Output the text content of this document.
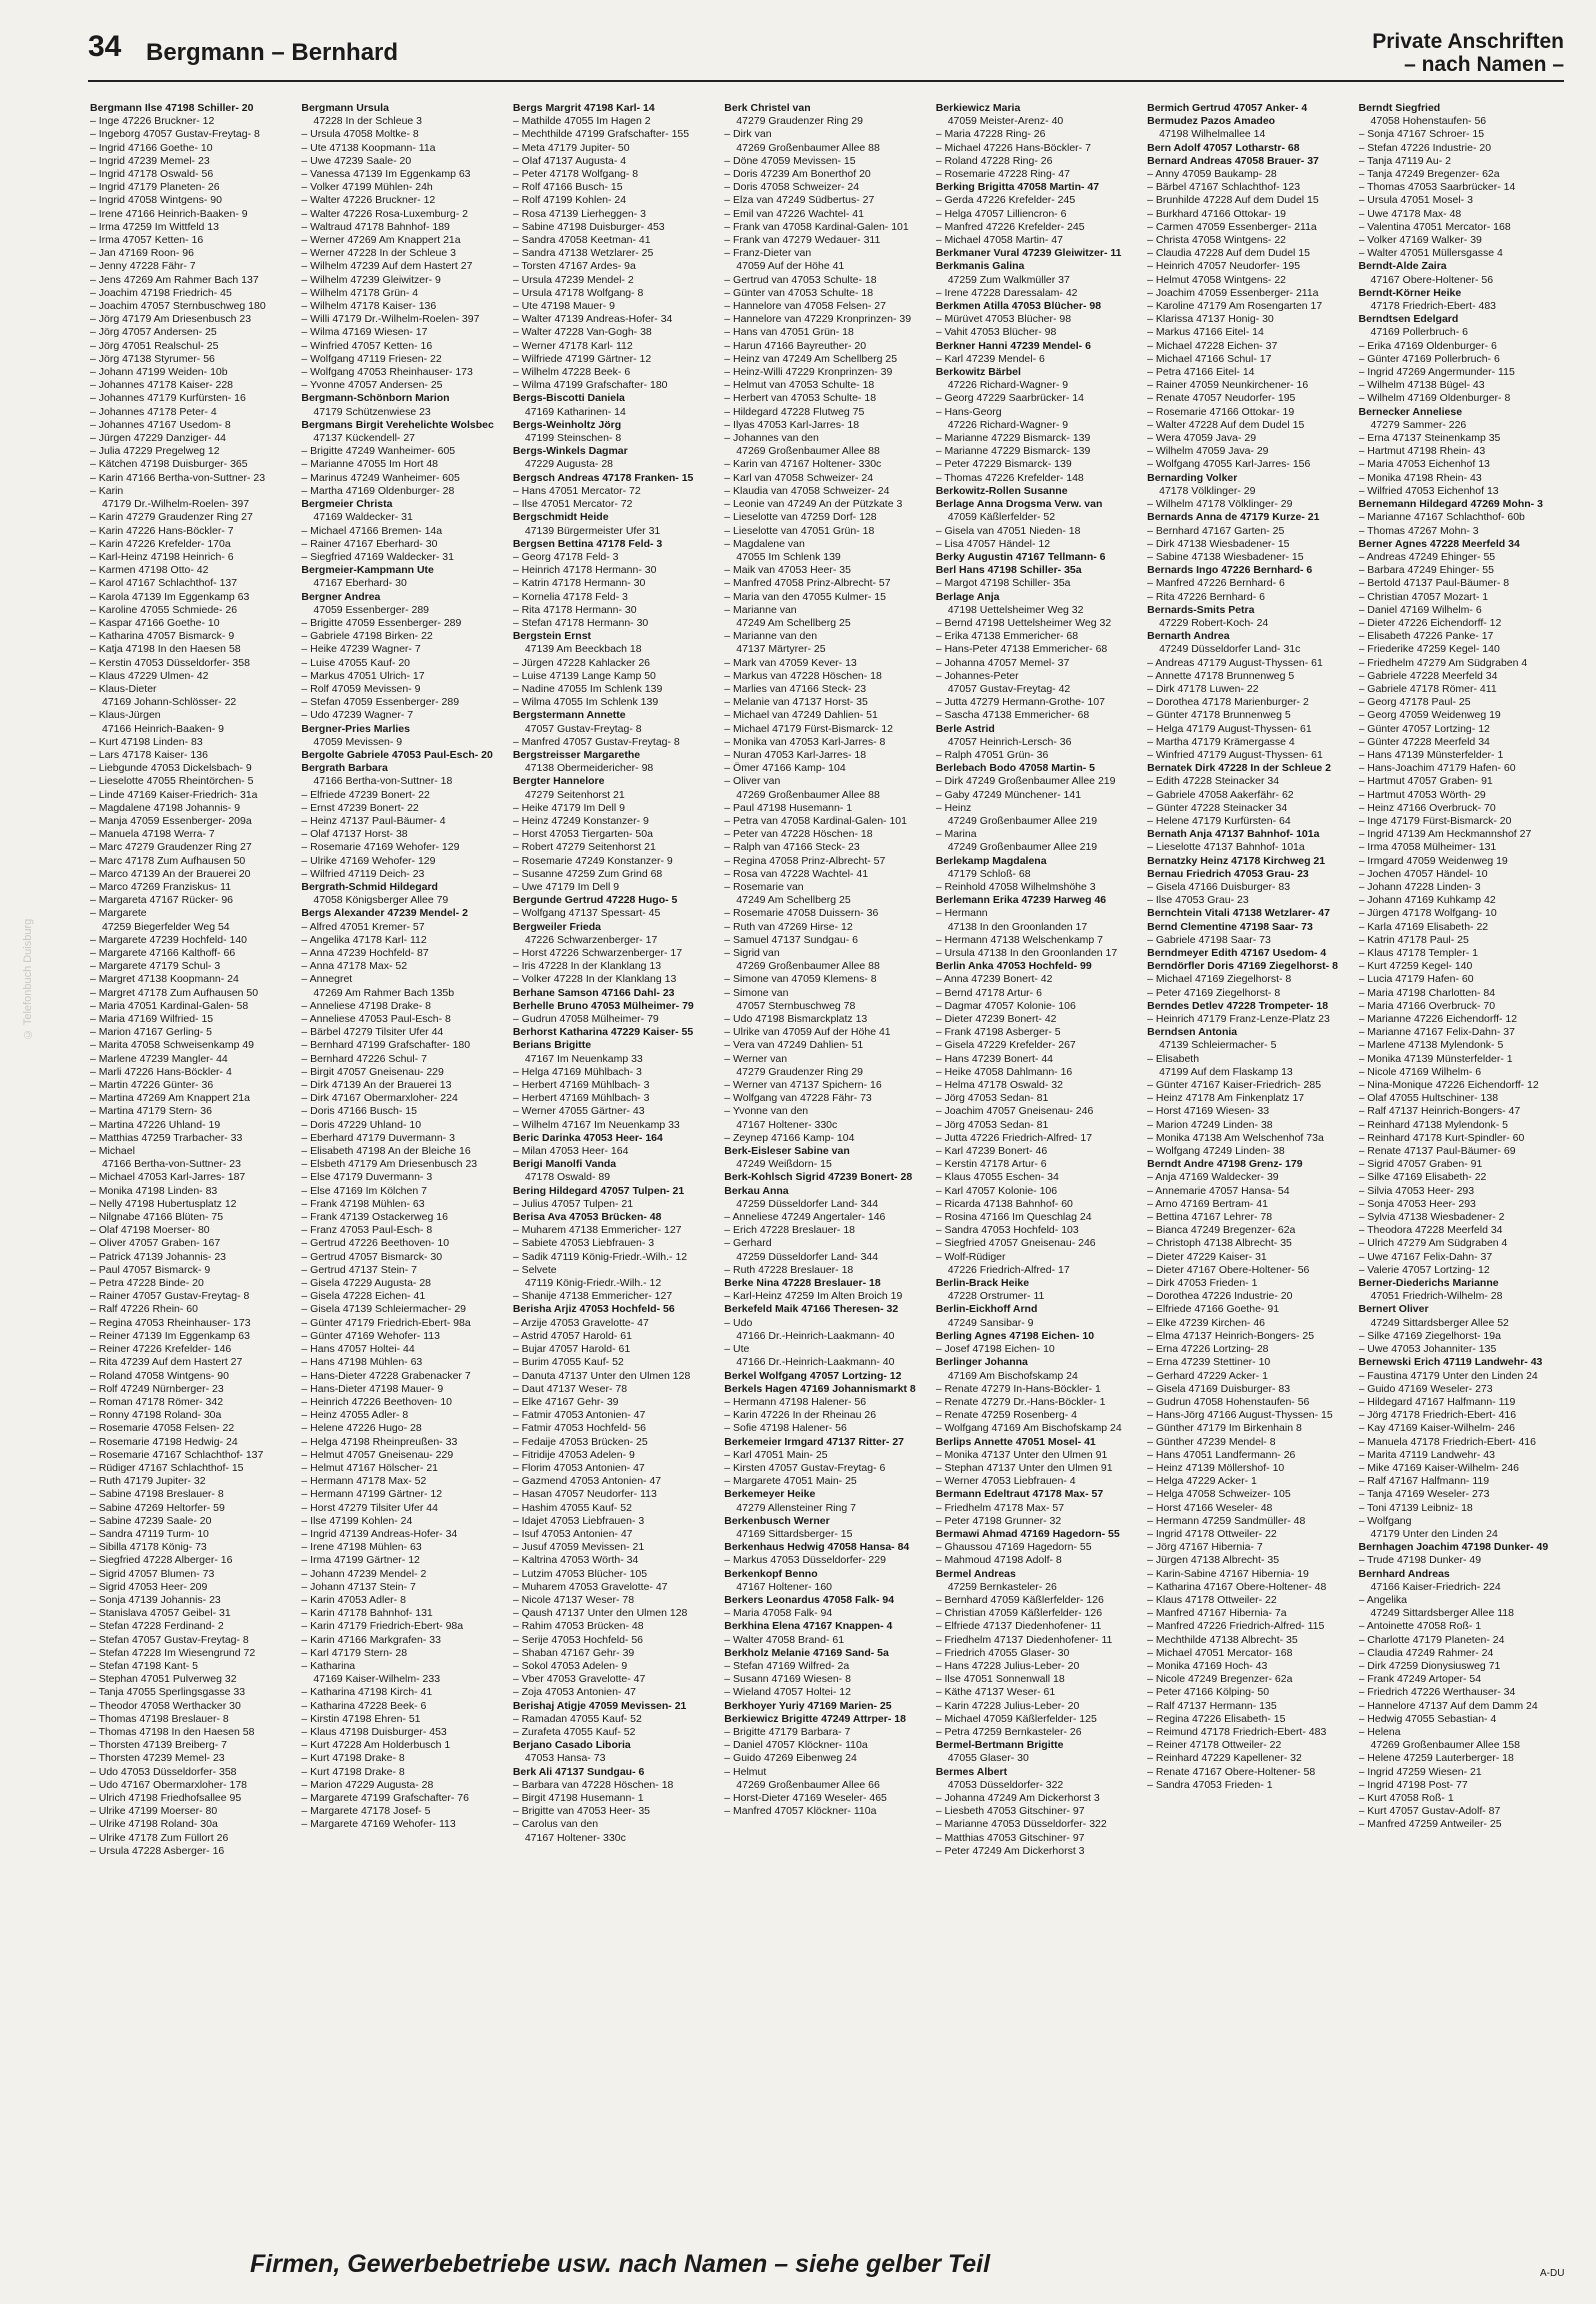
34 Bergmann – Bernhard	Private Anschriften
– nach Namen –
© Telefonbuch Duisburg
Bergmann Ilse 47198 Schiller- 20
– Inge 47226 Bruckner- 12
– Ingeborg 47057 Gustav-Freytag- 8
– Ingrid 47166 Goethe- 10
– Ingrid 47239 Memel- 23
– Ingrid 47178 Oswald- 56
– Ingrid 47179 Planeten- 26
– Ingrid 47058 Wintgens- 90
– Irene 47166 Heinrich-Baaken- 9
– Irma 47259 Im Wittfeld 13
– Irma 47057 Ketten- 16
– Jan 47169 Roon- 96
– Jenny 47228 Fähr- 7
– Jens 47269 Am Rahmer Bach 137
– Joachim 47198 Friedrich- 45
– Joachim 47057 Sternbuschweg 180
– Jörg 47179 Am Driesenbusch 23
– Jörg 47057 Andersen- 25
– Jörg 47051 Realschul- 25
– Jörg 47138 Styrumer- 56
– Johann 47199 Weiden- 10b
– Johannes 47178 Kaiser- 228
– Johannes 47179 Kurfürsten- 16
– Johannes 47178 Peter- 4
– Johannes 47167 Usedom- 8
– Jürgen 47229 Danziger- 44
– Julia 47229 Pregelweg 12
– Kätchen 47198 Duisburger- 365
– Karin 47166 Bertha-von-Suttner- 23
– Karin
47179 Dr.-Wilhelm-Roelen- 397
– Karin 47279 Graudenzer Ring 27
– Karin 47226 Hans-Böckler- 7
– Karin 47226 Krefelder- 170a
– Karl-Heinz 47198 Heinrich- 6
– Karmen 47198 Otto- 42
– Karol 47167 Schlachthof- 137
– Karola 47139 Im Eggenkamp 63
– Karoline 47055 Schmiede- 26
– Kaspar 47166 Goethe- 10
– Katharina 47057 Bismarck- 9
– Katja 47198 In den Haesen 58
– Kerstin 47053 Düsseldorfer- 358
– Klaus 47229 Ulmen- 42
– Klaus-Dieter
47169 Johann-Schlösser- 22
– Klaus-Jürgen
47166 Heinrich-Baaken- 9
– Kurt 47198 Linden- 83
– Lars 47178 Kaiser- 136
– Liebgunde 47053 Dickelsbach- 9
– Lieselotte 47055 Rheintörchen- 5
– Linde 47169 Kaiser-Friedrich- 31a
– Magdalene 47198 Johannis- 9
– Manja 47059 Essenberger- 209a
– Manuela 47198 Werra- 7
– Marc 47279 Graudenzer Ring 27
– Marc 47178 Zum Aufhausen 50
– Marco 47139 An der Brauerei 20
– Marco 47269 Franziskus- 11
– Margareta 47167 Rücker- 96
– Margarete
47259 Biegerfelder Weg 54
– Margarete 47239 Hochfeld- 140
– Margarete 47166 Kalthoff- 66
– Margarete 47179 Schul- 3
– Margret 47138 Koopmann- 24
– Margret 47178 Zum Aufhausen 50
– Maria 47051 Kardinal-Galen- 58
– Maria 47169 Wilfried- 15
– Marion 47167 Gerling- 5
– Marita 47058 Schweisenkamp 49
– Marlene 47239 Mangler- 44
– Marli 47226 Hans-Böckler- 4
– Martin 47226 Günter- 36
– Martina 47269 Am Knappert 21a
– Martina 47179 Stern- 36
– Martina 47226 Uhland- 19
– Matthias 47259 Trarbacher- 33
– Michael
47166 Bertha-von-Suttner- 23
– Michael 47053 Karl-Jarres- 187
– Monika 47198 Linden- 83
– Nelly 47198 Hubertusplatz 12
– Nilgnabe 47166 Blüten- 75
– Olaf 47198 Moerser- 80
– Oliver 47057 Graben- 167
– Patrick 47139 Johannis- 23
– Paul 47057 Bismarck- 9
– Petra 47228 Binde- 20
– Rainer 47057 Gustav-Freytag- 8
– Ralf 47226 Rhein- 60
– Regina 47053 Rheinhauser- 173
– Reiner 47139 Im Eggenkamp 63
– Reiner 47226 Krefelder- 146
– Rita 47239 Auf dem Hastert 27
– Roland 47058 Wintgens- 90
– Rolf 47249 Nürnberger- 23
– Roman 47178 Römer- 342
– Ronny 47198 Roland- 30a
– Rosemarie 47058 Felsen- 22
– Rosemarie 47198 Hedwig- 24
– Rosemarie 47167 Schlachthof- 137
– Rüdiger 47167 Schlachthof- 15
– Ruth 47179 Jupiter- 32
– Sabine 47198 Breslauer- 8
– Sabine 47269 Heltorfer- 59
– Sabine 47239 Saale- 20
– Sandra 47119 Turm- 10
– Sibilla 47178 König- 73
– Siegfried 47228 Alberger- 16
– Sigrid 47057 Blumen- 73
– Sigrid 47053 Heer- 209
– Sonja 47139 Johannis- 23
– Stanislava 47057 Geibel- 31
– Stefan 47228 Ferdinand- 2
– Stefan 47057 Gustav-Freytag- 8
– Stefan 47228 Im Wiesengrund 72
– Stefan 47198 Kant- 5
– Stephan 47051 Pulverweg 32
– Tanja 47055 Sperlingsgasse 33
– Theodor 47058 Werthacker 30
– Thomas 47198 Breslauer- 8
– Thomas 47198 In den Haesen 58
– Thorsten 47139 Breiberg- 7
– Thorsten 47239 Memel- 23
– Udo 47053 Düsseldorfer- 358
– Udo 47167 Obermarxloher- 178
– Ulrich 47198 Friedhofsallee 95
– Ulrike 47199 Moerser- 80
– Ulrike 47198 Roland- 30a
– Ulrike 47178 Zum Füllort 26
– Ursula 47228 Asberger- 16
Bergmann Ursula
47228 In der Schleue 3
– Ursula 47058 Moltke- 8
– Ute 47138 Koopmann- 11a
– Uwe 47239 Saale- 20
– Vanessa 47139 Im Eggenkamp 63
– Volker 47199 Mühlen- 24h
– Walter 47226 Bruckner- 12
– Walter 47226 Rosa-Luxemburg- 2
– Waltraud 47178 Bahnhof- 189
– Werner 47269 Am Knappert 21a
– Werner 47228 In der Schleue 3
– Wilhelm 47239 Auf dem Hastert 27
– Wilhelm 47239 Gleiwitzer- 9
– Wilhelm 47178 Grün- 4
– Wilhelm 47178 Kaiser- 136
– Willi 47179 Dr.-Wilhelm-Roelen- 397
– Wilma 47169 Wiesen- 17
– Winfried 47057 Ketten- 16
– Wolfgang 47119 Friesen- 22
– Wolfgang 47053 Rheinhauser- 173
– Yvonne 47057 Andersen- 25
Bergmann-Schönborn Marion
47179 Schützenwiese 23
Bergmans Birgit Verehelichte Wolsbec
47137 Kückendell- 27
– Brigitte 47249 Wanheimer- 605
– Marianne 47055 Im Hort 48
– Marinus 47249 Wanheimer- 605
– Martha 47169 Oldenburger- 28
Bergmeier Christa
47169 Waldecker- 31
– Michael 47166 Bremen- 14a
– Rainer 47167 Eberhard- 30
– Siegfried 47169 Waldecker- 31
Bergmeier-Kampmann Ute
47167 Eberhard- 30
Bergner Andrea
47059 Essenberger- 289
– Brigitte 47059 Essenberger- 289
– Gabriele 47198 Birken- 22
– Heike 47239 Wagner- 7
– Luise 47055 Kauf- 20
– Markus 47051 Ulrich- 17
– Rolf 47059 Mevissen- 9
– Stefan 47059 Essenberger- 289
– Udo 47239 Wagner- 7
Bergner-Pries Marlies
47059 Mevissen- 9
Bergolte Gabriele 47053 Paul-Esch- 20
Bergrath Barbara
47166 Bertha-von-Suttner- 18
– Elfriede 47239 Bonert- 22
– Ernst 47239 Bonert- 22
– Heinz 47137 Paul-Bäumer- 4
– Olaf 47137 Horst- 38
– Rosemarie 47169 Wehofer- 129
– Ulrike 47169 Wehofer- 129
– Wilfried 47119 Deich- 23
Bergrath-Schmid Hildegard
47058 Königsberger Allee 79
Bergs Alexander 47239 Mendel- 2
– Alfred 47051 Kremer- 57
– Angelika 47178 Karl- 112
– Anna 47239 Hochfeld- 87
– Anna 47178 Max- 52
– Annegret
47269 Am Rahmer Bach 135b
– Anneliese 47198 Drake- 8
– Anneliese 47053 Paul-Esch- 8
– Bärbel 47279 Tilsiter Ufer 44
– Bernhard 47199 Grafschafter- 180
– Bernhard 47226 Schul- 7
– Birgit 47057 Gneisenau- 229
– Dirk 47139 An der Brauerei 13
– Dirk 47167 Obermarxloher- 224
– Doris 47166 Busch- 15
– Doris 47229 Uhland- 10
– Eberhard 47179 Duvermann- 3
– Elisabeth 47198 An der Bleiche 16
– Elsbeth 47179 Am Driesenbusch 23
– Else 47179 Duvermann- 3
– Else 47169 Im Kölchen 7
– Frank 47198 Mühlen- 63
– Frank 47139 Ostackerweg 16
– Franz 47053 Paul-Esch- 8
– Gertrud 47226 Beethoven- 10
– Gertrud 47057 Bismarck- 30
– Gertrud 47137 Stein- 7
– Gisela 47229 Augusta- 28
– Gisela 47228 Eichen- 41
– Gisela 47139 Schleiermacher- 29
– Günter 47179 Friedrich-Ebert- 98a
– Günter 47169 Wehofer- 113
– Hans 47057 Holtei- 44
– Hans 47198 Mühlen- 63
– Hans-Dieter 47228 Grabenacker 7
– Hans-Dieter 47198 Mauer- 9
– Heinrich 47226 Beethoven- 10
– Heinz 47055 Adler- 8
– Helene 47226 Hugo- 28
– Helga 47198 Rheinpreußen- 33
– Helmut 47057 Gneisenau- 229
– Helmut 47167 Hölscher- 21
– Hermann 47178 Max- 52
– Hermann 47199 Gärtner- 12
– Horst 47279 Tilsiter Ufer 44
– Ilse 47199 Kohlen- 24
– Ingrid 47139 Andreas-Hofer- 34
– Irene 47198 Mühlen- 63
– Irma 47199 Gärtner- 12
– Johann 47239 Mendel- 2
– Johann 47137 Stein- 7
– Karin 47053 Adler- 8
– Karin 47178 Bahnhof- 131
– Karin 47179 Friedrich-Ebert- 98a
– Karin 47166 Markgrafen- 33
– Karl 47179 Stern- 28
– Katharina
47169 Kaiser-Wilhelm- 233
– Katharina 47198 Kirch- 41
– Katharina 47228 Beek- 6
– Kirstin 47198 Ehren- 51
– Klaus 47198 Duisburger- 453
– Kurt 47228 Am Holderbusch 1
– Kurt 47198 Drake- 8
– Kurt 47198 Drake- 8
– Marion 47229 Augusta- 28
– Margarete 47199 Grafschafter- 76
– Margarete 47178 Josef- 5
– Margarete 47169 Wehofer- 113
Bergs Margrit 47198 Karl- 14
– Mathilde 47055 Im Hagen 2
– Mechthilde 47199 Grafschafter- 155
– Meta 47179 Jupiter- 50
– Olaf 47137 Augusta- 4
– Peter 47178 Wolfgang- 8
– Rolf 47166 Busch- 15
– Rolf 47199 Kohlen- 24
– Rosa 47139 Lierheggen- 3
– Sabine 47198 Duisburger- 453
– Sandra 47058 Keetman- 41
– Sandra 47138 Wetzlarer- 25
– Torsten 47167 Ardes- 9a
– Ursula 47239 Mendel- 2
– Ursula 47178 Wolfgang- 8
– Ute 47198 Mauer- 9
– Walter 47139 Andreas-Hofer- 34
– Walter 47228 Van-Gogh- 38
– Werner 47178 Karl- 112
– Wilfriede 47199 Gärtner- 12
– Wilhelm 47228 Beek- 6
– Wilma 47199 Grafschafter- 180
Bergs-Biscotti Daniela
47169 Katharinen- 14
Bergs-Weinholtz Jörg
47199 Steinschen- 8
Bergs-Winkels Dagmar
47229 Augusta- 28
Bergsch Andreas 47178 Franken- 15
– Hans 47051 Mercator- 72
– Ilse 47051 Mercator- 72
Bergschmidt Heide
47139 Bürgermeister Ufer 31
Bergsen Bettina 47178 Feld- 3
– Georg 47178 Feld- 3
– Heinrich 47178 Hermann- 30
– Katrin 47178 Hermann- 30
– Kornelia 47178 Feld- 3
– Rita 47178 Hermann- 30
– Stefan 47178 Hermann- 30
Bergstein Ernst
47139 Am Beeckbach 18
– Jürgen 47228 Kahlacker 26
– Luise 47139 Lange Kamp 50
– Nadine 47055 Im Schlenk 139
– Wilma 47055 Im Schlenk 139
Bergstermann Annette
47057 Gustav-Freytag- 8
– Manfred 47057 Gustav-Freytag- 8
Bergstreisser Margarethe
47138 Obermeidericher- 98
Bergter Hannelore
47279 Seitenhorst 21
– Heike 47179 Im Dell 9
– Heinz 47249 Konstanzer- 9
– Horst 47053 Tiergarten- 50a
– Robert 47279 Seitenhorst 21
– Rosemarie 47249 Konstanzer- 9
– Susanne 47259 Zum Grind 68
– Uwe 47179 Im Dell 9
Bergunde Gertrud 47228 Hugo- 5
– Wolfgang 47137 Spessart- 45
Bergweiler Frieda
47226 Schwarzenberger- 17
– Horst 47226 Schwarzenberger- 17
– Iris 47228 In der Klanklang 13
– Volker 47228 In der Klanklang 13
Berhane Samson 47166 Dahl- 23
Berhelle Bruno 47053 Mülheimer- 79
– Gudrun 47058 Mülheimer- 79
Berhorst Katharina 47229 Kaiser- 55
Berians Brigitte
47167 Im Neuenkamp 33
– Helga 47169 Mühlbach- 3
– Herbert 47169 Mühlbach- 3
– Herbert 47169 Mühlbach- 3
– Werner 47055 Gärtner- 43
– Wilhelm 47167 Im Neuenkamp 33
Beric Darinka 47053 Heer- 164
– Milan 47053 Heer- 164
Berigi Manolfi Vanda
47178 Oswald- 89
Bering Hildegard 47057 Tulpen- 21
– Julius 47057 Tulpen- 21
Berisa Ava 47053 Brücken- 48
– Muharem 47138 Emmericher- 127
– Sabiete 47053 Liebfrauen- 3
– Sadik 47119 König-Friedr.-Wilh.- 12
– Selvete
47119 König-Friedr.-Wilh.- 12
– Shanije 47138 Emmericher- 127
Berisha Arjiz 47053 Hochfeld- 56
– Arzije 47053 Gravelotte- 47
– Astrid 47057 Harold- 61
– Bujar 47057 Harold- 61
– Burim 47055 Kauf- 52
– Danuta 47137 Unter den Ulmen 128
– Daut 47137 Weser- 78
– Elke 47167 Gehr- 39
– Fatmir 47053 Antonien- 47
– Fatmir 47053 Hochfeld- 56
– Fedaije 47053 Brücken- 25
– Fitridije 47053 Adelen- 9
– Florim 47053 Antonien- 47
– Gazmend 47053 Antonien- 47
– Hasan 47057 Neudorfer- 113
– Hashim 47055 Kauf- 52
– Idajet 47053 Liebfrauen- 3
– Isuf 47053 Antonien- 47
– Jusuf 47059 Mevissen- 21
– Kaltrina 47053 Wörth- 34
– Lutzim 47053 Blücher- 105
– Muharem 47053 Gravelotte- 47
– Nicole 47137 Weser- 78
– Qaush 47137 Unter den Ulmen 128
– Rahim 47053 Brücken- 48
– Serije 47053 Hochfeld- 56
– Shaban 47167 Gehr- 39
– Sokol 47053 Adelen- 9
– Vber 47053 Gravelotte- 47
– Zoja 47053 Antonien- 47
Berishaj Atigje 47059 Mevissen- 21
– Ramadan 47055 Kauf- 52
– Zurafeta 47055 Kauf- 52
Berjano Casado Liboria
47053 Hansa- 73
Berk Ali 47137 Sundgau- 6
– Barbara van 47228 Höschen- 18
– Birgit 47198 Husemann- 1
– Brigitte van 47053 Heer- 35
– Carolus van den
47167 Holtener- 330c
Berk Christel van
47279 Graudenzer Ring 29
– Dirk van
47269 Großenbaumer Allee 88
– Döne 47059 Mevissen- 15
– Doris 47239 Am Bonerthof 20
– Doris 47058 Schweizer- 24
– Elza van 47249 Südbertus- 27
– Emil van 47226 Wachtel- 41
– Frank van 47058 Kardinal-Galen- 101
– Frank van 47279 Wedauer- 311
– Franz-Dieter van
47059 Auf der Höhe 41
– Gertrud van 47053 Schulte- 18
– Günter van 47053 Schulte- 18
– Hannelore van 47058 Felsen- 27
– Hannelore van 47229 Kronprinzen- 39
– Hans van 47051 Grün- 18
– Harun 47166 Bayreuther- 20
– Heinz van 47249 Am Schellberg 25
– Heinz-Willi 47229 Kronprinzen- 39
– Helmut van 47053 Schulte- 18
– Herbert van 47053 Schulte- 18
– Hildegard 47228 Flutweg 75
– Ilyas 47053 Karl-Jarres- 18
– Johannes van den
47269 Großenbaumer Allee 88
– Karin van 47167 Holtener- 330c
– Karl van 47058 Schweizer- 24
– Klaudia van 47058 Schweizer- 24
– Leonie van 47249 An der Pützkate 3
– Lieselotte van 47259 Dorf- 128
– Lieselotte van 47051 Grün- 18
– Magdalene van
47055 Im Schlenk 139
– Maik van 47053 Heer- 35
– Manfred 47058 Prinz-Albrecht- 57
– Maria van den 47055 Kulmer- 15
– Marianne van
47249 Am Schellberg 25
– Marianne van den
47137 Märtyrer- 25
– Mark van 47059 Kever- 13
– Markus van 47228 Höschen- 18
– Marlies van 47166 Steck- 23
– Melanie van 47137 Horst- 35
– Michael van 47249 Dahlien- 51
– Michael 47179 Fürst-Bismarck- 12
– Monika van 47053 Karl-Jarres- 8
– Nuran 47053 Karl-Jarres- 18
– Ömer 47166 Kamp- 104
– Oliver van
47269 Großenbaumer Allee 88
– Paul 47198 Husemann- 1
– Petra van 47058 Kardinal-Galen- 101
– Peter van 47228 Höschen- 18
– Ralph van 47166 Steck- 23
– Regina 47058 Prinz-Albrecht- 57
– Rosa van 47228 Wachtel- 41
– Rosemarie van
47249 Am Schellberg 25
– Rosemarie 47058 Duissern- 36
– Ruth van 47269 Hirse- 12
– Samuel 47137 Sundgau- 6
– Sigrid van
47269 Großenbaumer Allee 88
– Simone van 47059 Klemens- 8
– Simone van
47057 Sternbuschweg 78
– Udo 47198 Bismarckplatz 13
– Ulrike van 47059 Auf der Höhe 41
– Vera van 47249 Dahlien- 51
– Werner van
47279 Graudenzer Ring 29
– Werner van 47137 Spichern- 16
– Wolfgang van 47228 Fähr- 73
– Yvonne van den
47167 Holtener- 330c
– Zeynep 47166 Kamp- 104
Berk-Eisleser Sabine van
47249 Weißdorn- 15
Berk-Kohlsch Sigrid 47239 Bonert- 28
Berkau Anna
47259 Düsseldorfer Land- 344
– Anneliese 47249 Angertaler- 146
– Erich 47228 Breslauer- 18
– Gerhard
47259 Düsseldorfer Land- 344
– Ruth 47228 Breslauer- 18
Berke Nina 47228 Breslauer- 18
– Karl-Heinz 47259 Im Alten Broich 19
Berkefeld Maik 47166 Theresen- 32
– Udo
47166 Dr.-Heinrich-Laakmann- 40
– Ute
47166 Dr.-Heinrich-Laakmann- 40
Berkel Wolfgang 47057 Lortzing- 12
Berkels Hagen 47169 Johannismarkt 8
– Hermann 47198 Halener- 56
– Karin 47226 In der Rheinau 26
– Sofie 47198 Halener- 56
Berkemeier Irmgard 47137 Ritter- 27
– Karl 47051 Main- 25
– Kirsten 47057 Gustav-Freytag- 6
– Margarete 47051 Main- 25
Berkemeyer Heike
47279 Allensteiner Ring 7
Berkenbusch Werner
47169 Sittardsberger- 15
Berkenhaus Hedwig 47058 Hansa- 84
– Markus 47053 Düsseldorfer- 229
Berkenkopf Benno
47167 Holtener- 160
Berkers Leonardus 47058 Falk- 94
– Maria 47058 Falk- 94
Berkhina Elena 47167 Knappen- 4
– Walter 47058 Brand- 61
Berkholz Melanie 47169 Sand- 5a
– Stefan 47169 Wilfred- 2a
– Susann 47169 Wiesen- 8
– Wieland 47057 Holtei- 12
Berkhoyer Yuriy 47169 Marien- 25
Berkiewicz Brigitte 47249 Attrper- 18
– Brigitte 47179 Barbara- 7
– Daniel 47057 Klöckner- 110a
– Guido 47269 Eibenweg 24
– Helmut
47269 Großenbaumer Allee 66
– Horst-Dieter 47169 Weseler- 465
– Manfred 47057 Klöckner- 110a
Berkiewicz Maria
47059 Meister-Arenz- 40
– Maria 47228 Ring- 26
– Michael 47226 Hans-Böckler- 7
– Roland 47228 Ring- 26
– Rosemarie 47228 Ring- 47
Berking Brigitta 47058 Martin- 47
– Gerda 47226 Krefelder- 245
– Helga 47057 Lilliencron- 6
– Manfred 47226 Krefelder- 245
– Michael 47058 Martin- 47
Berkmaner Vural 47239 Gleiwitzer- 11
Berkmanis Galina
47259 Zum Walkmüller 37
– Irene 47228 Daressalam- 42
Berkmen Atilla 47053 Blücher- 98
– Mürüvet 47053 Blücher- 98
– Vahit 47053 Blücher- 98
Berkner Hanni 47239 Mendel- 6
– Karl 47239 Mendel- 6
Berkowitz Bärbel
47226 Richard-Wagner- 9
– Georg 47229 Saarbrücker- 14
– Hans-Georg
47226 Richard-Wagner- 9
– Marianne 47229 Bismarck- 139
– Marianne 47229 Bismarck- 139
– Peter 47229 Bismarck- 139
– Thomas 47226 Krefelder- 148
Berkowitz-Rollen Susanne
Berlage Anna Drogsma Verw. van
47059 Käßlerfelder- 52
– Gisela van 47051 Nieden- 18
– Lisa 47057 Händel- 12
Berky Augustin 47167 Tellmann- 6
Berl Hans 47198 Schiller- 35a
– Margot 47198 Schiller- 35a
Berlage Anja
47198 Uettelsheimer Weg 32
– Bernd 47198 Uettelsheimer Weg 32
– Erika 47138 Emmericher- 68
– Hans-Peter 47138 Emmericher- 68
– Johanna 47057 Memel- 37
– Johannes-Peter
47057 Gustav-Freytag- 42
– Jutta 47279 Hermann-Grothe- 107
– Sascha 47138 Emmericher- 68
Berle Astrid
47057 Heinrich-Lersch- 36
– Ralph 47051 Grün- 36
Berlebach Bodo 47058 Martin- 5
– Dirk 47249 Großenbaumer Allee 219
– Gaby 47249 Münchener- 141
– Heinz
47249 Großenbaumer Allee 219
– Marina
47249 Großenbaumer Allee 219
Berlekamp Magdalena
47179 Schloß- 68
– Reinhold 47058 Wilhelmshöhe 3
Berlemann Erika 47239 Harweg 46
– Hermann
47138 In den Groonlanden 17
– Hermann 47138 Welschenkamp 7
– Ursula 47138 In den Groonlanden 17
Berlin Anka 47053 Hochfeld- 99
– Anna 47239 Bonert- 42
– Bernd 47178 Artur- 6
– Dagmar 47057 Kolonie- 106
– Dieter 47239 Bonert- 42
– Frank 47198 Asberger- 5
– Gisela 47229 Krefelder- 267
– Hans 47239 Bonert- 44
– Heike 47058 Dahlmann- 16
– Helma 47178 Oswald- 32
– Jörg 47053 Sedan- 81
– Joachim 47057 Gneisenau- 246
– Jörg 47053 Sedan- 81
– Jutta 47226 Friedrich-Alfred- 17
– Karl 47239 Bonert- 46
– Kerstin 47178 Artur- 6
– Klaus 47055 Eschen- 34
– Karl 47057 Kolonie- 106
– Ricarda 47138 Bahnhof- 60
– Rosina 47166 Im Queschlag 24
– Sandra 47053 Hochfeld- 103
– Siegfried 47057 Gneisenau- 246
– Wolf-Rüdiger
47226 Friedrich-Alfred- 17
Berlin-Brack Heike
47228 Orstrumer- 11
Berlin-Eickhoff Arnd
47249 Sansibar- 9
Berling Agnes 47198 Eichen- 10
– Josef 47198 Eichen- 10
Berlinger Johanna
47169 Am Bischofskamp 24
– Renate 47279 In-Hans-Böckler- 1
– Renate 47279 Dr.-Hans-Böckler- 1
– Renate 47259 Rosenberg- 4
– Wolfgang 47169 Am Bischofskamp 24
Berlips Annette 47051 Mosel- 41
– Monika 47137 Unter den Ulmen 91
– Stephan 47137 Unter den Ulmen 91
– Werner 47053 Liebfrauen- 4
Bermann Edeltraut 47178 Max- 57
– Friedhelm 47178 Max- 57
– Peter 47198 Grunner- 32
Bermawi Ahmad 47169 Hagedorn- 55
– Ghaussou 47169 Hagedorn- 55
– Mahmoud 47198 Adolf- 8
Bermel Andreas
47259 Bernkasteler- 26
– Bernhard 47059 Käßlerfelder- 126
– Christian 47059 Käßlerfelder- 126
– Elfriede 47137 Diedenhofener- 11
– Friedhelm 47137 Diedenhofener- 11
– Friedrich 47055 Glaser- 30
– Hans 47228 Julius-Leber- 20
– Ilse 47051 Sonnenwall 18
– Käthe 47137 Weser- 61
– Karin 47228 Julius-Leber- 20
– Michael 47059 Käßlerfelder- 125
– Petra 47259 Bernkasteler- 26
Bermel-Bertmann Brigitte
47055 Glaser- 30
Bermes Albert
47053 Düsseldorfer- 322
– Johanna 47249 Am Dickerhorst 3
– Liesbeth 47053 Gitschiner- 97
– Marianne 47053 Düsseldorfer- 322
– Matthias 47053 Gitschiner- 97
– Peter 47249 Am Dickerhorst 3
Bermich Gertrud 47057 Anker- 4
Bermudez Pazos Amadeo
47198 Wilhelmallee 14
Bern Adolf 47057 Lotharstr- 68
Bernard Andreas 47058 Brauer- 37
– Anny 47059 Baukamp- 28
– Bärbel 47167 Schlachthof- 123
– Brunhilde 47228 Auf dem Dudel 15
– Burkhard 47166 Ottokar- 19
– Carmen 47059 Essenberger- 211a
– Christa 47058 Wintgens- 22
– Claudia 47228 Auf dem Dudel 15
– Heinrich 47057 Neudorfer- 195
– Helmut 47058 Wintgens- 22
– Joachim 47059 Essenberger- 211a
– Karoline 47179 Am Rosengarten 17
– Klarissa 47137 Honig- 30
– Markus 47166 Eitel- 14
– Michael 47228 Eichen- 37
– Michael 47166 Schul- 17
– Petra 47166 Eitel- 14
– Rainer 47059 Neunkirchener- 16
– Renate 47057 Neudorfer- 195
– Rosemarie 47166 Ottokar- 19
– Walter 47228 Auf dem Dudel 15
– Wera 47059 Java- 29
– Wilhelm 47059 Java- 29
– Wolfgang 47055 Karl-Jarres- 156
Bernarding Volker
47178 Völklinger- 29
– Wilhelm 47178 Völklinger- 29
Bernards Anna de 47179 Kurze- 21
– Bernhard 47167 Garten- 25
– Dirk 47138 Wiesbadener- 15
– Sabine 47138 Wiesbadener- 15
Bernards Ingo 47226 Bernhard- 6
– Manfred 47226 Bernhard- 6
– Rita 47226 Bernhard- 6
Bernards-Smits Petra
47229 Robert-Koch- 24
Bernarth Andrea
47249 Düsseldorfer Land- 31c
– Andreas 47179 August-Thyssen- 61
– Annette 47178 Brunnenweg 5
– Dirk 47178 Luwen- 22
– Dorothea 47178 Marienburger- 2
– Günter 47178 Brunnenweg 5
– Helga 47179 August-Thyssen- 61
– Martha 47179 Krämergasse 4
– Winfried 47179 August-Thyssen- 61
Bernatek Dirk 47228 In der Schleue 2
– Edith 47228 Steinacker 34
– Gabriele 47058 Aakerfähr- 62
– Günter 47228 Steinacker 34
– Helene 47179 Kurfürsten- 64
Bernath Anja 47137 Bahnhof- 101a
– Lieselotte 47137 Bahnhof- 101a
Bernatzky Heinz 47178 Kirchweg 21
Bernau Friedrich 47053 Grau- 23
– Gisela 47166 Duisburger- 83
– Ilse 47053 Grau- 23
Bernchtein Vitali 47138 Wetzlarer- 47
Bernd Clementine 47198 Saar- 73
– Gabriele 47198 Saar- 73
Berndmeyer Edith 47167 Usedom- 4
Berndörfler Doris 47169 Ziegelhorst- 8
– Michael 47169 Ziegelhorst- 8
– Peter 47169 Ziegelhorst- 8
Berndes Detlev 47228 Trompeter- 18
– Heinrich 47179 Franz-Lenze-Platz 23
Berndsen Antonia
47139 Schleiermacher- 5
– Elisabeth
47199 Auf dem Flaskamp 13
– Günter 47167 Kaiser-Friedrich- 285
– Heinz 47178 Am Finkenplatz 17
– Horst 47169 Wiesen- 33
– Marion 47249 Linden- 38
– Monika 47138 Am Welschenhof 73a
– Wolfgang 47249 Linden- 38
Berndt Andre 47198 Grenz- 179
– Anja 47169 Waldecker- 39
– Annemarie 47057 Hansa- 54
– Arno 47169 Bertram- 41
– Bettina 47167 Lehrer- 78
– Bianca 47249 Bregenzer- 62a
– Christoph 47138 Albrecht- 35
– Dieter 47229 Kaiser- 31
– Dieter 47167 Obere-Holtener- 56
– Dirk 47053 Frieden- 1
– Dorothea 47226 Industrie- 20
– Elfriede 47166 Goethe- 91
– Elke 47239 Kirchen- 46
– Elma 47137 Heinrich-Bongers- 25
– Erna 47226 Lortzing- 28
– Erna 47239 Stettiner- 10
– Gerhard 47229 Acker- 1
– Gisela 47169 Duisburger- 83
– Gudrun 47058 Hohenstaufen- 56
– Hans-Jörg 47166 August-Thyssen- 15
– Günther 47179 Im Birkenhain 8
– Günther 47239 Mendel- 8
– Hans 47051 Landfermann- 26
– Heinz 47139 Möllershof- 10
– Helga 47229 Acker- 1
– Helga 47058 Schweizer- 105
– Horst 47166 Weseler- 48
– Hermann 47259 Sandmüller- 48
– Ingrid 47178 Ottweiler- 22
– Jörg 47167 Hibernia- 7
– Jürgen 47138 Albrecht- 35
– Karin-Sabine 47167 Hibernia- 19
– Katharina 47167 Obere-Holtener- 48
– Klaus 47178 Ottweiler- 22
– Manfred 47167 Hibernia- 7a
– Manfred 47226 Friedrich-Alfred- 115
– Mechthilde 47138 Albrecht- 35
– Michael 47051 Mercator- 168
– Monika 47169 Hoch- 43
– Nicole 47249 Bregenzer- 62a
– Peter 47166 Kölping- 50
– Ralf 47137 Hermann- 135
– Regina 47226 Elisabeth- 15
– Reimund 47178 Friedrich-Ebert- 483
– Reiner 47178 Ottweiler- 22
– Reinhard 47229 Kapellener- 32
– Renate 47167 Obere-Holtener- 58
– Sandra 47053 Frieden- 1
Berndt Siegfried
47058 Hohenstaufen- 56
– Sonja 47167 Schroer- 15
– Stefan 47226 Industrie- 20
– Tanja 47119 Au- 2
– Tanja 47249 Bregenzer- 62a
– Thomas 47053 Saarbrücker- 14
– Ursula 47051 Mosel- 3
– Uwe 47178 Max- 48
– Valentina 47051 Mercator- 168
– Volker 47169 Walker- 39
– Walter 47051 Müllersgasse 4
Berndt-Alde Zaira
47167 Obere-Holtener- 56
Berndt-Körner Heike
47178 Friedrich-Ebert- 483
Berndtsen Edelgard
47169 Pollerbruch- 6
– Erika 47169 Oldenburger- 6
– Günter 47169 Pollerbruch- 6
– Ingrid 47269 Angermunder- 115
– Wilhelm 47138 Bügel- 43
– Wilhelm 47169 Oldenburger- 8
Bernecker Anneliese
47279 Sammer- 226
– Erna 47137 Steinenkamp 35
– Hartmut 47198 Rhein- 43
– Maria 47053 Eichenhof 13
– Monika 47198 Rhein- 43
– Wilfried 47053 Eichenhof 13
Bernemann Hildegard 47269 Mohn- 3
– Marianne 47167 Schlachthof- 60b
– Thomas 47267 Mohn- 3
Berner Agnes 47228 Meerfeld 34
– Andreas 47249 Ehinger- 55
– Barbara 47249 Ehinger- 55
– Bertold 47137 Paul-Bäumer- 8
– Christian 47057 Mozart- 1
– Daniel 47169 Wilhelm- 6
– Dieter 47226 Eichendorff- 12
– Elisabeth 47226 Panke- 17
– Friederike 47259 Kegel- 140
– Friedhelm 47279 Am Südgraben 4
– Gabriele 47228 Meerfeld 34
– Gabriele 47178 Römer- 411
– Georg 47178 Paul- 25
– Georg 47059 Weidenweg 19
– Günter 47057 Lortzing- 12
– Günter 47228 Meerfeld 34
– Hans 47139 Münsterfelder- 1
– Hans-Joachim 47179 Hafen- 60
– Hartmut 47057 Graben- 91
– Hartmut 47053 Wörth- 29
– Heinz 47166 Overbruck- 70
– Inge 47179 Fürst-Bismarck- 20
– Ingrid 47139 Am Heckmannshof 27
– Irma 47058 Mülheimer- 131
– Irmgard 47059 Weidenweg 19
– Jochen 47057 Händel- 10
– Johann 47228 Linden- 3
– Johann 47169 Kuhkamp 42
– Jürgen 47178 Wolfgang- 10
– Karla 47169 Elisabeth- 22
– Katrin 47178 Paul- 25
– Klaus 47178 Templer- 1
– Kurt 47259 Kegel- 140
– Lucia 47179 Hafen- 60
– Maria 47198 Charlotten- 84
– Maria 47166 Overbruck- 70
– Marianne 47226 Eichendorff- 12
– Marianne 47167 Felix-Dahn- 37
– Marlene 47138 Mylendonk- 5
– Monika 47139 Münsterfelder- 1
– Nicole 47169 Wilhelm- 6
– Nina-Monique 47226 Eichendorff- 12
– Olaf 47055 Hultschiner- 138
– Ralf 47137 Heinrich-Bongers- 47
– Reinhard 47138 Mylendonk- 5
– Reinhard 47178 Kurt-Spindler- 60
– Renate 47137 Paul-Bäumer- 69
– Sigrid 47057 Graben- 91
– Silke 47169 Elisabeth- 22
– Silvia 47053 Heer- 293
– Sonja 47053 Heer- 293
– Sylvia 47138 Wiesbadener- 2
– Theodora 47228 Meerfeld 34
– Ulrich 47279 Am Südgraben 4
– Uwe 47167 Felix-Dahn- 37
– Valerie 47057 Lortzing- 12
Berner-Diederichs Marianne
47051 Friedrich-Wilhelm- 28
Bernert Oliver
47249 Sittardsberger Allee 52
– Silke 47169 Ziegelhorst- 19a
– Uwe 47053 Johanniter- 135
Bernewski Erich 47119 Landwehr- 43
– Faustina 47179 Unter den Linden 24
– Guido 47169 Weseler- 273
– Hildegard 47167 Halfmann- 119
– Jörg 47178 Friedrich-Ebert- 416
– Kay 47169 Kaiser-Wilhelm- 246
– Manuela 47178 Friedrich-Ebert- 416
– Marita 47119 Landwehr- 43
– Mike 47169 Kaiser-Wilhelm- 246
– Ralf 47167 Halfmann- 119
– Tanja 47169 Weseler- 273
– Toni 47139 Leibniz- 18
– Wolfgang
47179 Unter den Linden 24
Bernhagen Joachim 47198 Dunker- 49
– Trude 47198 Dunker- 49
Bernhard Andreas
47166 Kaiser-Friedrich- 224
– Angelika
47249 Sittardsberger Allee 118
– Antoinette 47058 Roß- 1
– Charlotte 47179 Planeten- 24
– Claudia 47249 Rahmer- 24
– Dirk 47259 Dionysiusweg 71
– Frank 47249 Artoper- 54
– Friedrich 47226 Werthauser- 34
– Hannelore 47137 Auf dem Damm 24
– Hedwig 47055 Sebastian- 4
– Helena
47269 Großenbaumer Allee 158
– Helene 47259 Lauterberger- 18
– Ingrid 47259 Wiesen- 21
– Ingrid 47198 Post- 77
– Kurt 47058 Roß- 1
– Kurt 47057 Gustav-Adolf- 87
– Manfred 47259 Antweiler- 25
Firmen, Gewerbebetriebe usw. nach Namen – siehe gelber Teil	A-DU
